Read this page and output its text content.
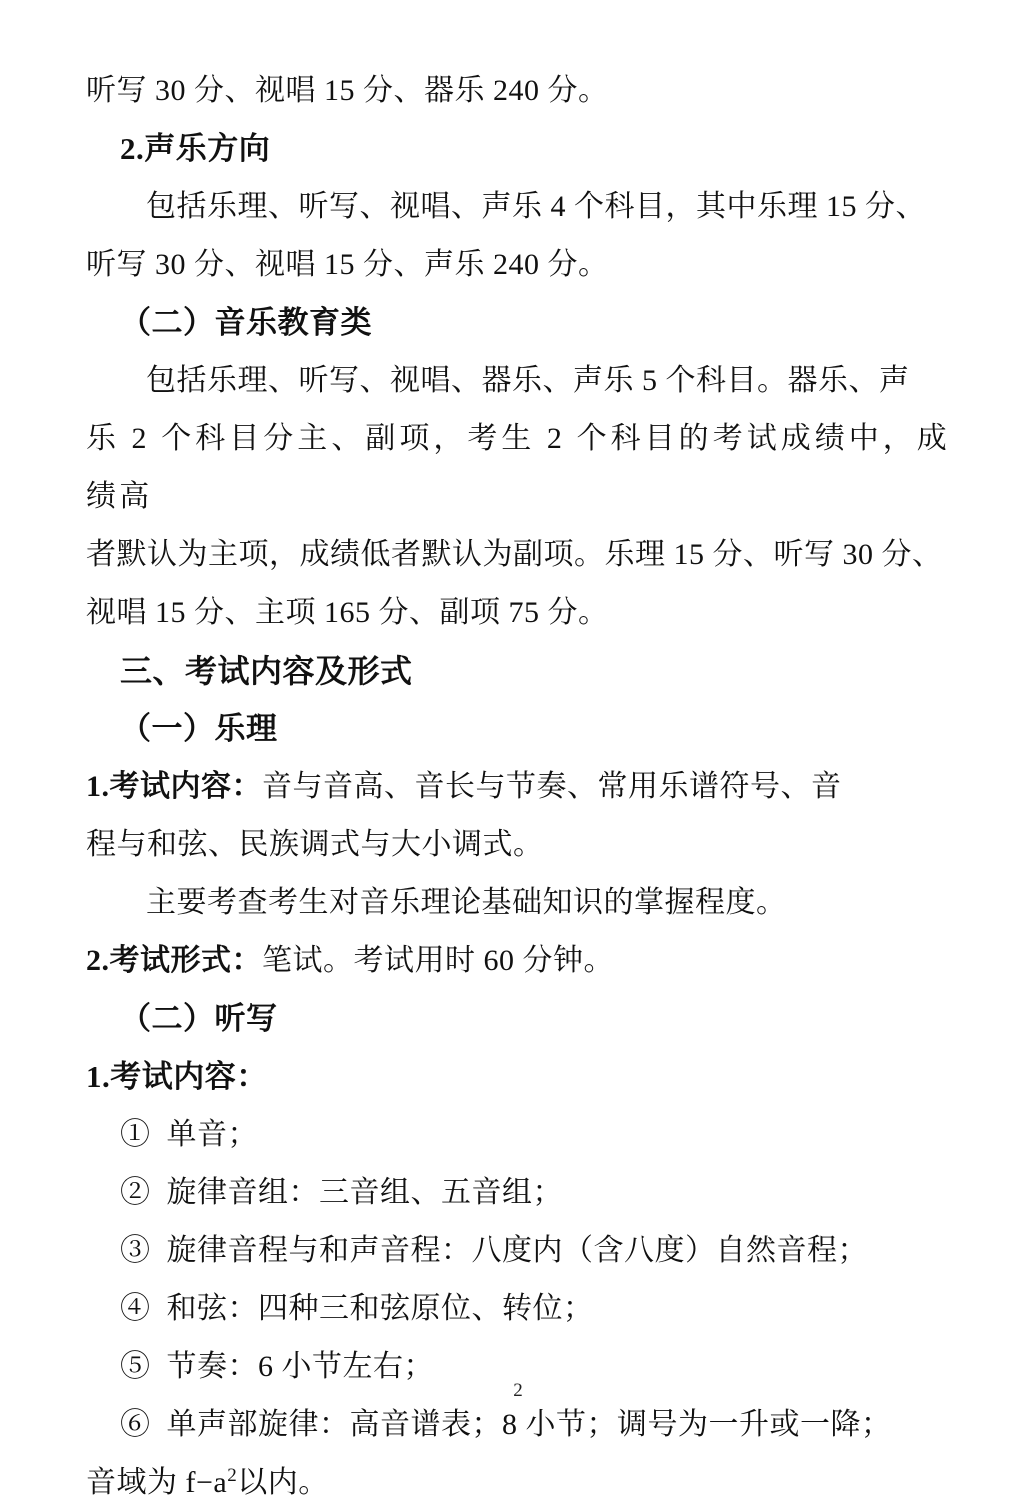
听写 30 分、视唱 15 分、器乐 240 分。

2.声乐方向

包括乐理、听写、视唱、声乐 4 个科目，其中乐理 15 分、

听写 30 分、视唱 15 分、声乐 240 分。

（二）音乐教育类

包括乐理、听写、视唱、器乐、声乐 5 个科目。器乐、声

乐 2 个科目分主、副项，考生 2 个科目的考试成绩中，成绩高

者默认为主项，成绩低者默认为副项。乐理 15 分、听写 30 分、

视唱 15 分、主项 165 分、副项 75 分。

三、考试内容及形式

（一）乐理

1.考试内容：音与音高、音长与节奏、常用乐谱符号、音

程与和弦、民族调式与大小调式。

主要考查考生对音乐理论基础知识的掌握程度。

2.考试形式：笔试。考试用时 60 分钟。

（二）听写

1.考试内容：

①  单音；

②  旋律音组：三音组、五音组；

③  旋律音程与和声音程：八度内（含八度）自然音程；

④  和弦：四种三和弦原位、转位；

⑤  节奏：6 小节左右；

⑥  单声部旋律：高音谱表；8 小节；调号为一升或一降；

音域为 $f-a^2$以内。

2
